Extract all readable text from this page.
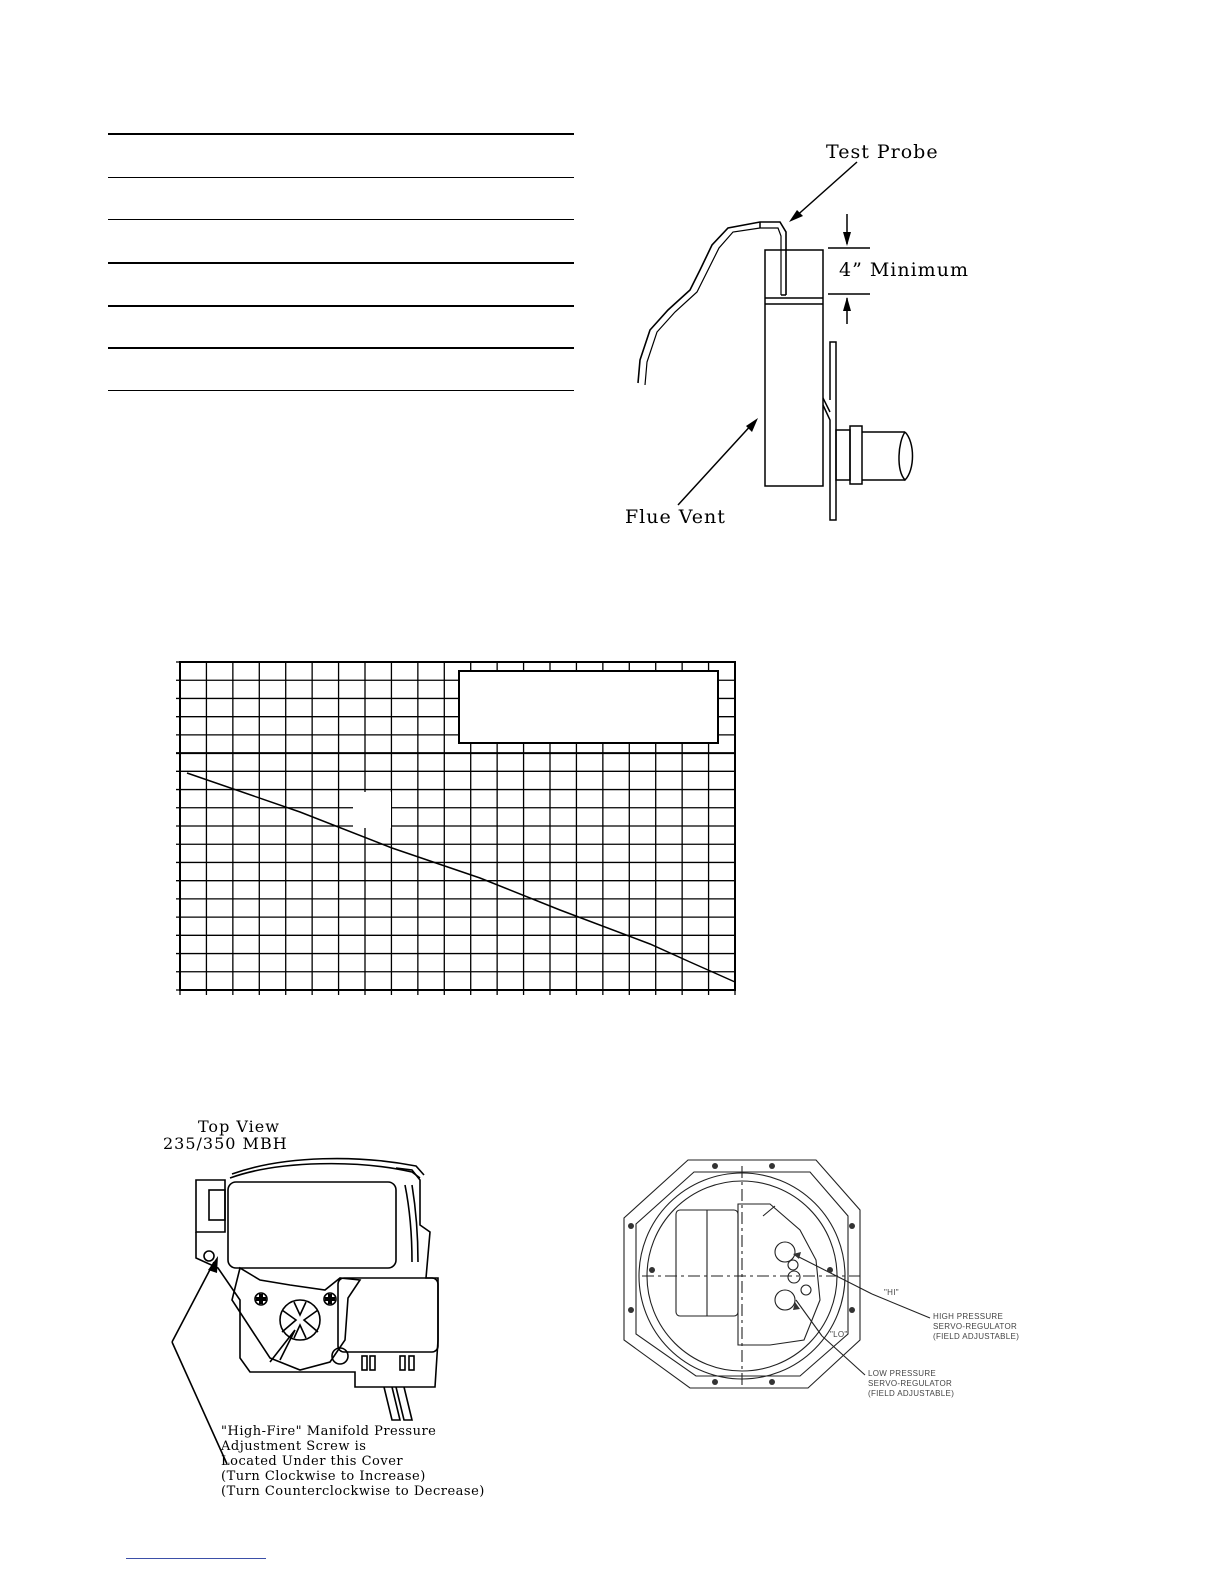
Test Probe
4” Minimum
Flue Vent
Top View
235/350 MBH
"High-Fire" Manifold Pressure
Adjustment Screw is
Located Under this Cover
(Turn Clockwise to Increase)
(Turn Counterclockwise to Decrease)
"HI"
"LO"
HIGH PRESSURE
SERVO-REGULATOR
(FIELD ADJUSTABLE)
LOW PRESSURE
SERVO-REGULATOR
(FIELD ADJUSTABLE)
